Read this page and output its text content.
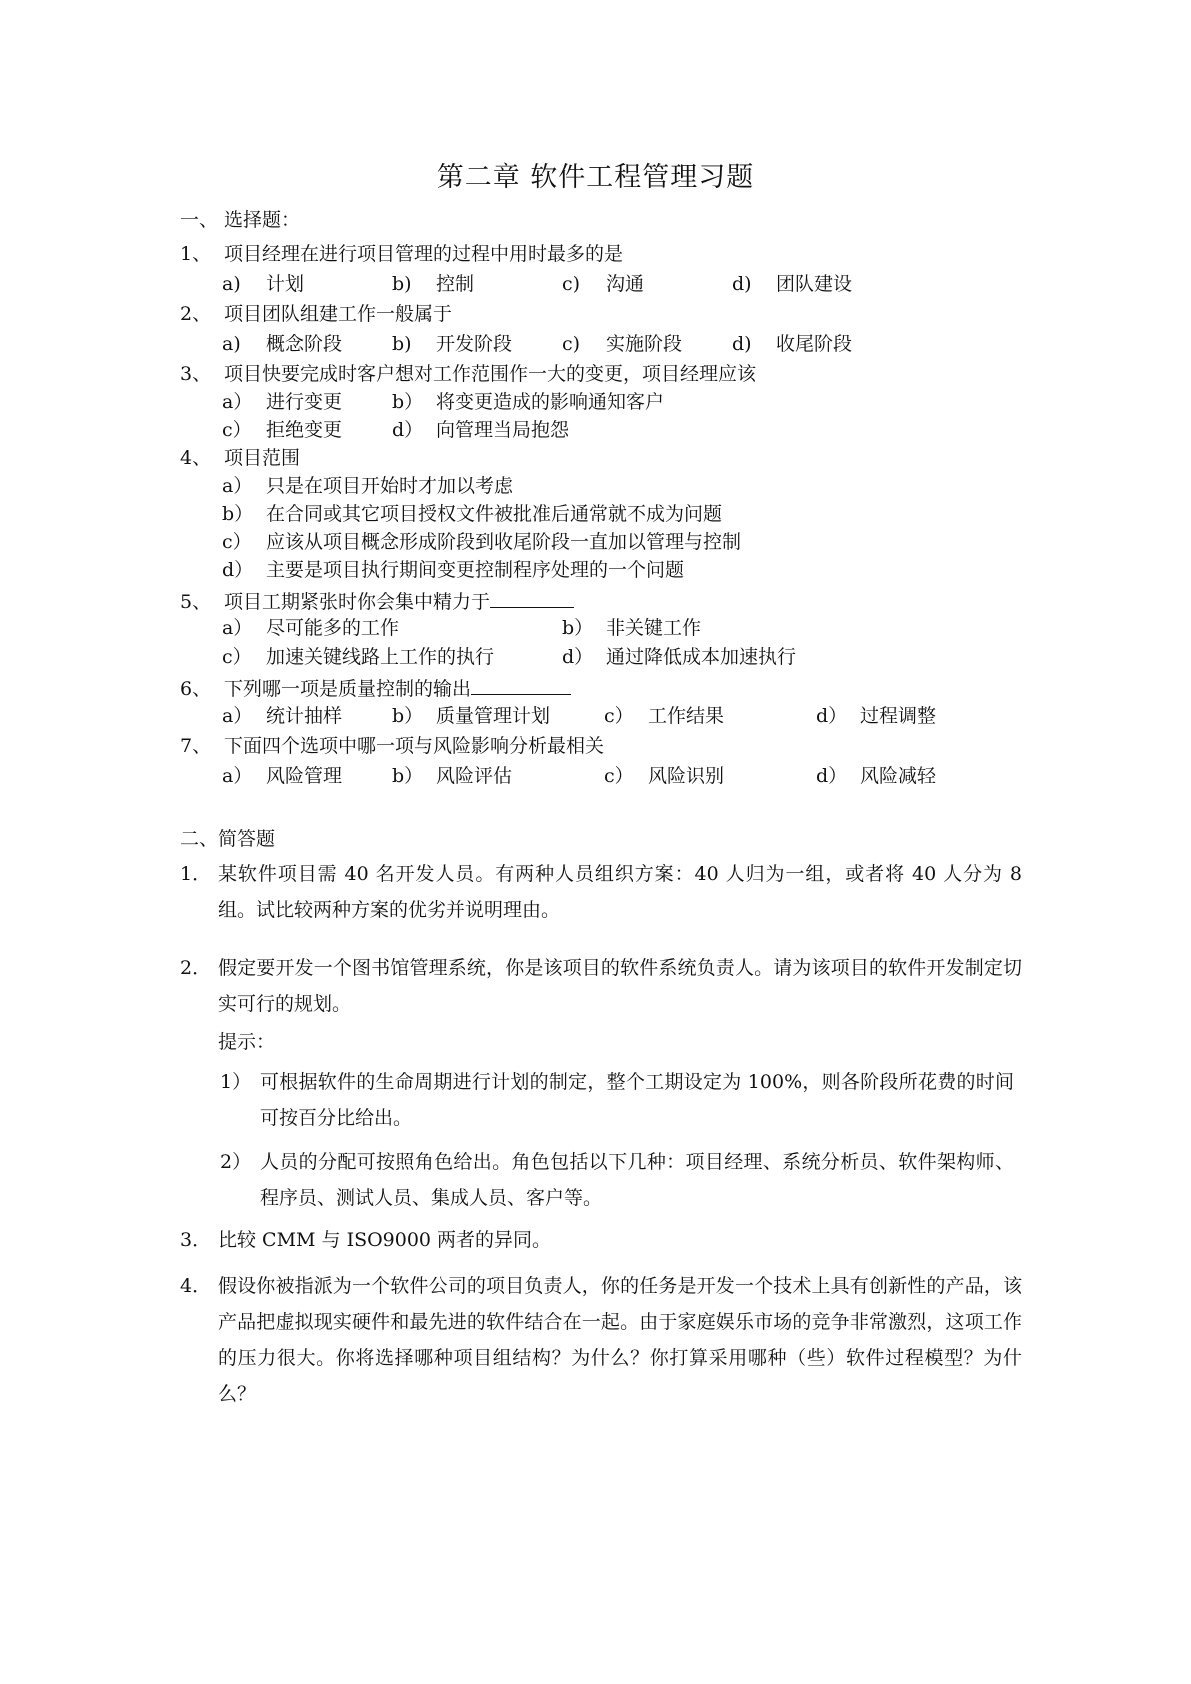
第二章 软件工程管理习题
一、 选择题：
1、 项目经理在进行项目管理的过程中用时最多的是
a) 计划	b) 控制	c) 沟通	d) 团队建设
2、 项目团队组建工作一般属于
a) 概念阶段	b) 开发阶段	c) 实施阶段	d) 收尾阶段
3、 项目快要完成时客户想对工作范围作一大的变更，项目经理应该
a） 进行变更	b） 将变更造成的影响通知客户
c） 拒绝变更	d） 向管理当局抱怨
4、 项目范围
a） 只是在项目开始时才加以考虑
b） 在合同或其它项目授权文件被批准后通常就不成为问题
c） 应该从项目概念形成阶段到收尾阶段一直加以管理与控制
d） 主要是项目执行期间变更控制程序处理的一个问题
5、 项目工期紧张时你会集中精力于
a） 尽可能多的工作	b） 非关键工作
c） 加速关键线路上工作的执行	d） 通过降低成本加速执行
6、 下列哪一项是质量控制的输出
a） 统计抽样	b） 质量管理计划	c） 工作结果	d） 过程调整
7、 下面四个选项中哪一项与风险影响分析最相关
a） 风险管理	b） 风险评估	c） 风险识别	d） 风险减轻
二、简答题
1． 某软件项目需 40 名开发人员。有两种人员组织方案：40 人归为一组，或者将 40 人分为 8 组。试比较两种方案的优劣并说明理由。
2． 假定要开发一个图书馆管理系统，你是该项目的软件系统负责人。请为该项目的软件开发制定切实可行的规划。
提示：
1） 可根据软件的生命周期进行计划的制定，整个工期设定为 100%，则各阶段所花费的时间可按百分比给出。
2） 人员的分配可按照角色给出。角色包括以下几种：项目经理、系统分析员、软件架构师、程序员、测试人员、集成人员、客户等。
3． 比较 CMM 与 ISO9000 两者的异同。
4． 假设你被指派为一个软件公司的项目负责人，你的任务是开发一个技术上具有创新性的产品，该产品把虚拟现实硬件和最先进的软件结合在一起。由于家庭娱乐市场的竞争非常激烈，这项工作的压力很大。你将选择哪种项目组结构？为什么？你打算采用哪种（些）软件过程模型？为什么？
